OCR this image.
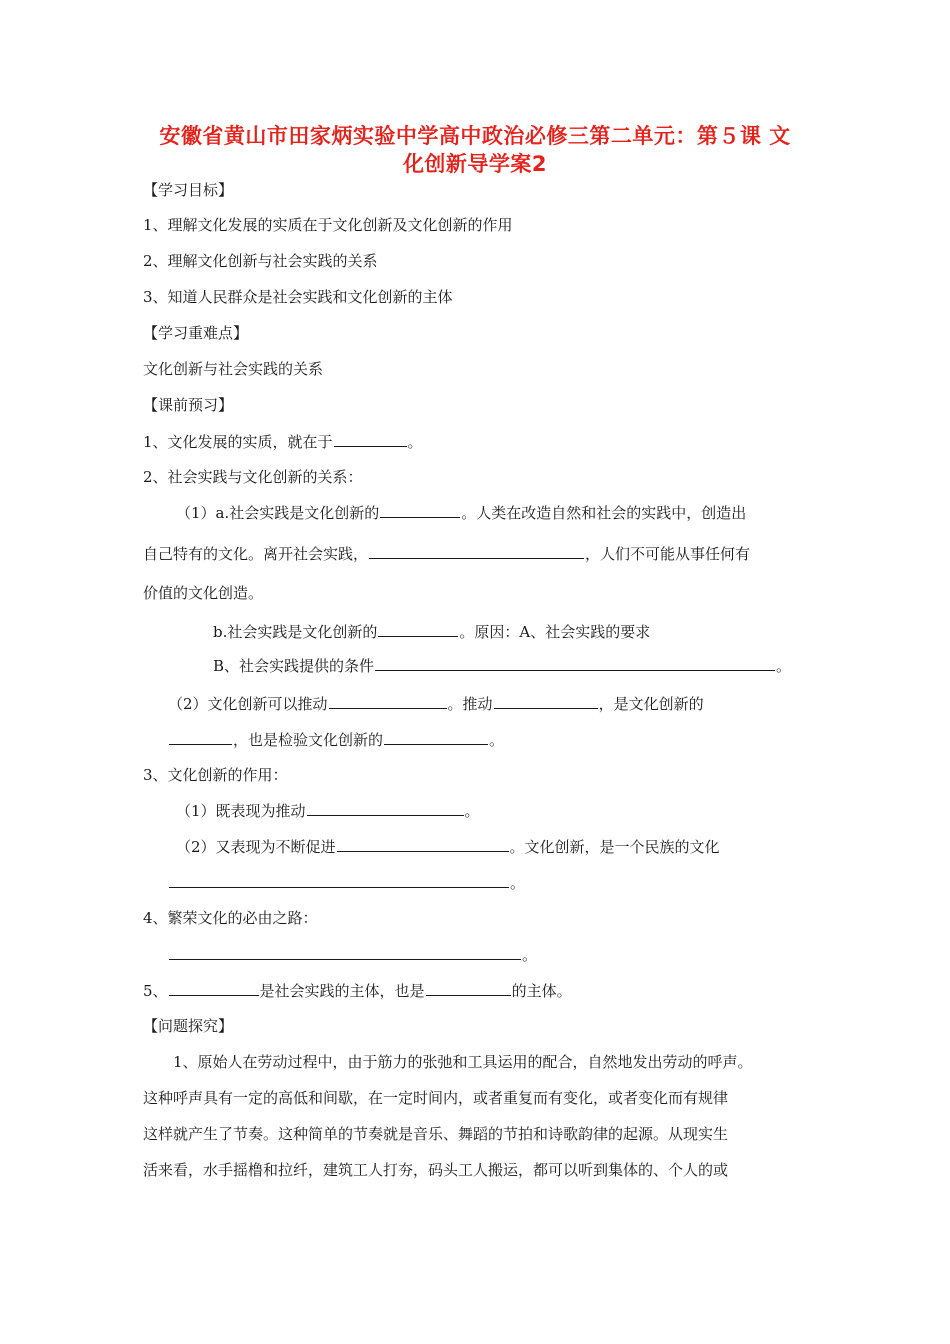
安徽省黄山市田家炳实验中学高中政治必修三第二单元：第５课 文
化创新导学案2
【学习目标】
1、理解文化发展的实质在于文化创新及文化创新的作用
2、理解文化创新与社会实践的关系
3、知道人民群众是社会实践和文化创新的主体
【学习重难点】
文化创新与社会实践的关系
【课前预习】
1、文化发展的实质，就在于	。
2、社会实践与文化创新的关系：
（1）a.社会实践是文化创新的	。人类在改造自然和社会的实践中，创造出
自己特有的文化。离开社会实践，	，人们不可能从事任何有
价值的文化创造。
b.社会实践是文化创新的	。原因：A、社会实践的要求
B、社会实践提供的条件	。
（2）文化创新可以推动	。推动	，是文化创新的
，也是检验文化创新的	。
3、文化创新的作用：
（1）既表现为推动	。
（2）又表现为不断促进	。文化创新，是一个民族的文化
。
4、繁荣文化的必由之路：
。
5、	是社会实践的主体，也是	的主体。
【问题探究】
　　1、原始人在劳动过程中，由于筋力的张弛和工具运用的配合，自然地发出劳动的呼声。
这种呼声具有一定的高低和间歇，在一定时间内，或者重复而有变化，或者变化而有规律
这样就产生了节奏。这种简单的节奏就是音乐、舞蹈的节拍和诗歌韵律的起源。从现实生
活来看，水手摇橹和拉纤，建筑工人打夯，码头工人搬运，都可以听到集体的、个人的或
